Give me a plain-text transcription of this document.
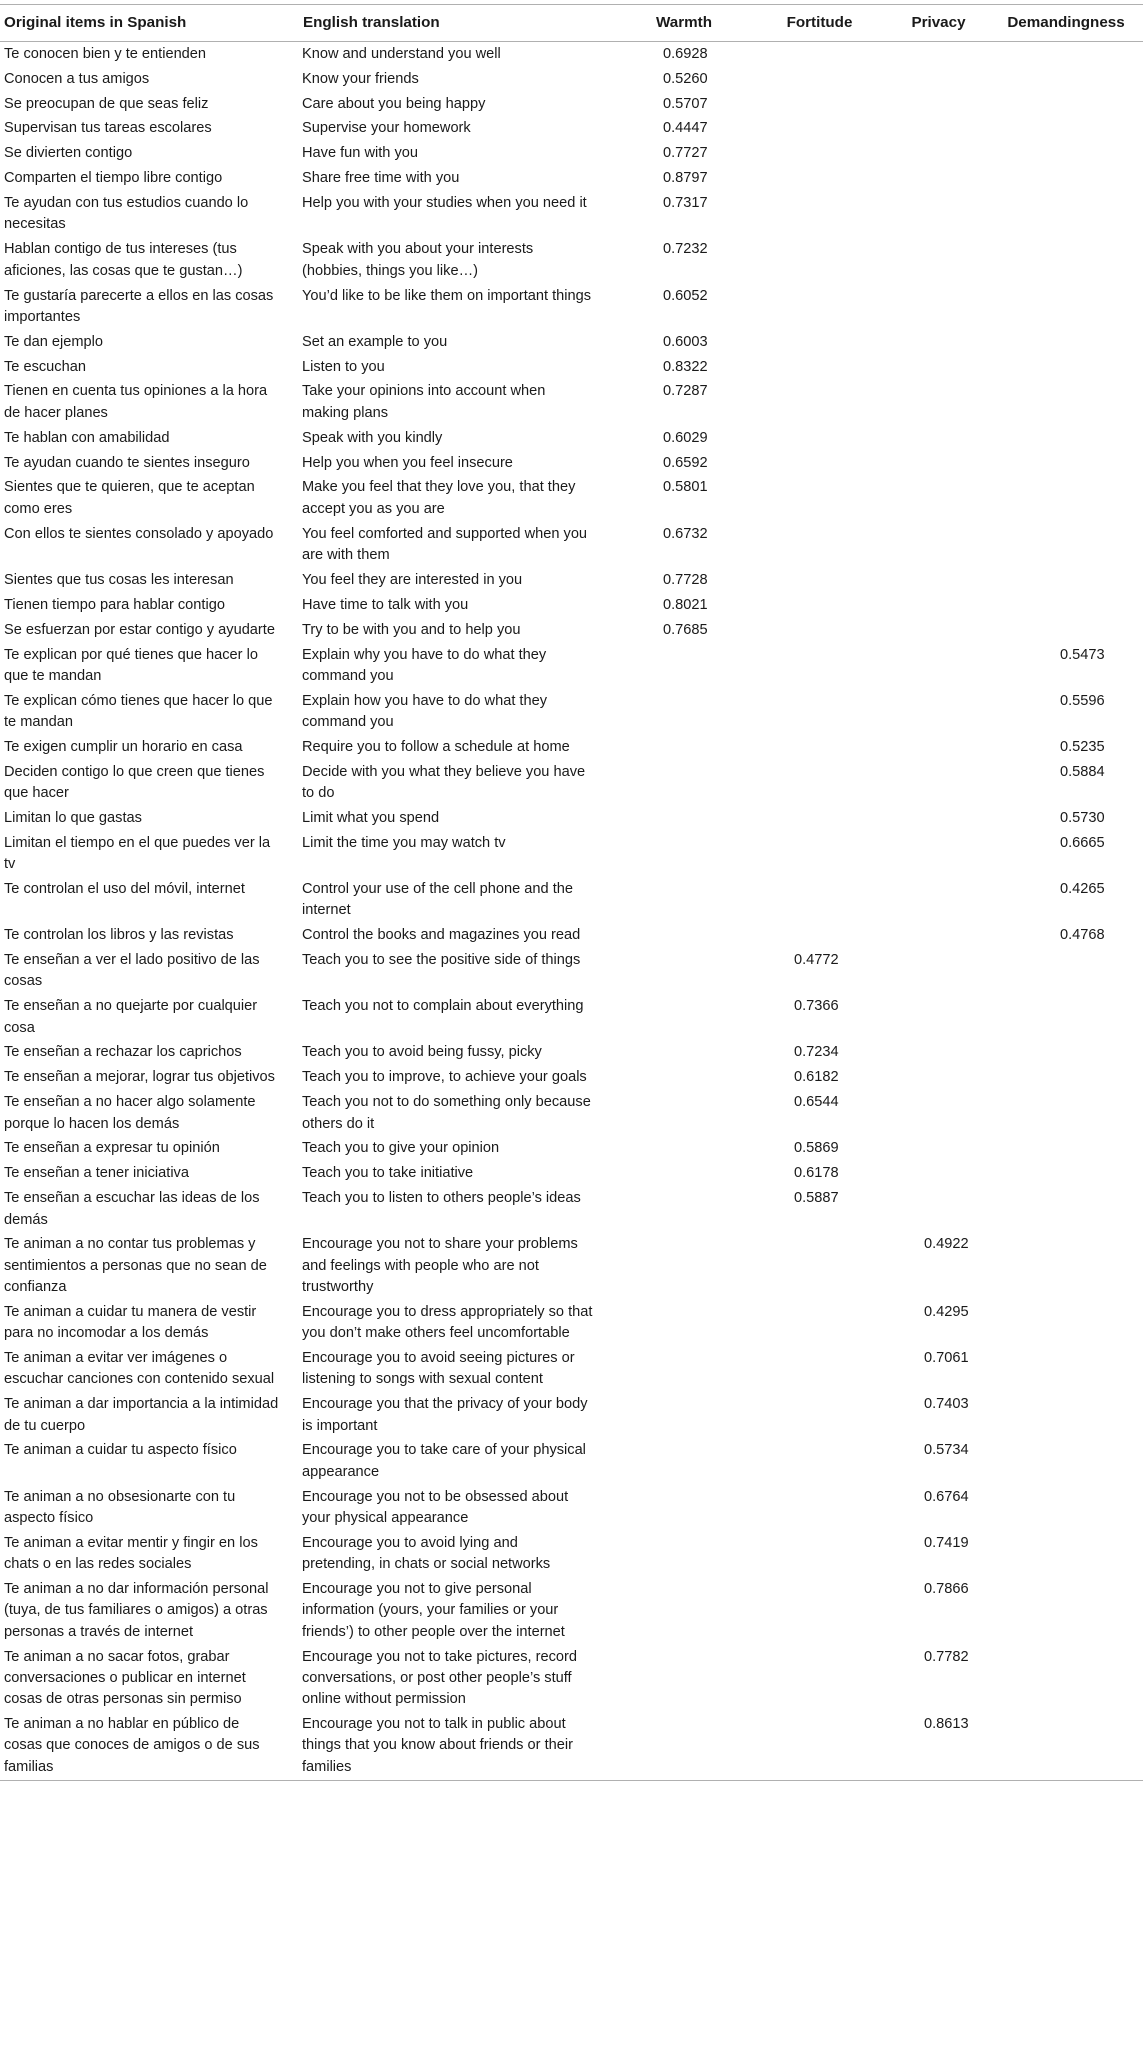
Original items in Spanish	English translation	Warmth	Fortitude	Privacy	Demandingness
Te conocen bien y te entienden	Know and understand you well	0.6928			
Conocen a tus amigos	Know your friends	0.5260			
Se preocupan de que seas feliz	Care about you being happy	0.5707			
Supervisan tus tareas escolares	Supervise your homework	0.4447			
Se divierten contigo	Have fun with you	0.7727			
Comparten el tiempo libre contigo	Share free time with you	0.8797			
Te ayudan con tus estudios cuando lo necesitas	Help you with your studies when you need it	0.7317			
Hablan contigo de tus intereses (tus aficiones, las cosas que te gustan…)	Speak with you about your interests (hobbies, things you like…)	0.7232			
Te gustaría parecerte a ellos en las cosas importantes	You’d like to be like them on important things	0.6052			
Te dan ejemplo	Set an example to you	0.6003			
Te escuchan	Listen to you	0.8322			
Tienen en cuenta tus opiniones a la hora de hacer planes	Take your opinions into account when making plans	0.7287			
Te hablan con amabilidad	Speak with you kindly	0.6029			
Te ayudan cuando te sientes inseguro	Help you when you feel insecure	0.6592			
Sientes que te quieren, que te aceptan como eres	Make you feel that they love you, that they accept you as you are	0.5801			
Con ellos te sientes consolado y apoyado	You feel comforted and supported when you are with them	0.6732			
Sientes que tus cosas les interesan	You feel they are interested in you	0.7728			
Tienen tiempo para hablar contigo	Have time to talk with you	0.8021			
Se esfuerzan por estar contigo y ayudarte	Try to be with you and to help you	0.7685			
Te explican por qué tienes que hacer lo que te mandan	Explain why you have to do what they command you				0.5473
Te explican cómo tienes que hacer lo que te mandan	Explain how you have to do what they command you				0.5596
Te exigen cumplir un horario en casa	Require you to follow a schedule at home				0.5235
Deciden contigo lo que creen que tienes que hacer	Decide with you what they believe you have to do				0.5884
Limitan lo que gastas	Limit what you spend				0.5730
Limitan el tiempo en el que puedes ver la tv	Limit the time you may watch tv				0.6665
Te controlan el uso del móvil, internet	Control your use of the cell phone and the internet				0.4265
Te controlan los libros y las revistas	Control the books and magazines you read				0.4768
Te enseñan a ver el lado positivo de las cosas	Teach you to see the positive side of things		0.4772		
Te enseñan a no quejarte por cualquier cosa	Teach you not to complain about everything		0.7366		
Te enseñan a rechazar los caprichos	Teach you to avoid being fussy, picky		0.7234		
Te enseñan a mejorar, lograr tus objetivos	Teach you to improve, to achieve your goals		0.6182		
Te enseñan a no hacer algo solamente porque lo hacen los demás	Teach you not to do something only because others do it		0.6544		
Te enseñan a expresar tu opinión	Teach you to give your opinion		0.5869		
Te enseñan a tener iniciativa	Teach you to take initiative		0.6178		
Te enseñan a escuchar las ideas de los demás	Teach you to listen to others people’s ideas		0.5887		
Te animan a no contar tus problemas y sentimientos a personas que no sean de confianza	Encourage you not to share your problems and feelings with people who are not trustworthy			0.4922	
Te animan a cuidar tu manera de vestir para no incomodar a los demás	Encourage you to dress appropriately so that you don’t make others feel uncomfortable			0.4295	
Te animan a evitar ver imágenes o escuchar canciones con contenido sexual	Encourage you to avoid seeing pictures or listening to songs with sexual content			0.7061	
Te animan a dar importancia a la intimidad de tu cuerpo	Encourage you that the privacy of your body is important			0.7403	
Te animan a cuidar tu aspecto físico	Encourage you to take care of your physical appearance			0.5734	
Te animan a no obsesionarte con tu aspecto físico	Encourage you not to be obsessed about your physical appearance			0.6764	
Te animan a evitar mentir y fingir en los chats o en las redes sociales	Encourage you to avoid lying and pretending, in chats or social networks			0.7419	
Te animan a no dar información personal (tuya, de tus familiares o amigos) a otras personas a través de internet	Encourage you not to give personal information (yours, your families or your friends’) to other people over the internet			0.7866	
Te animan a no sacar fotos, grabar conversaciones o publicar en internet cosas de otras personas sin permiso	Encourage you not to take pictures, record conversations, or post other people’s stuff online without permission			0.7782	
Te animan a no hablar en público de cosas que conoces de amigos o de sus familias	Encourage you not to talk in public about things that you know about friends or their families			0.8613	
